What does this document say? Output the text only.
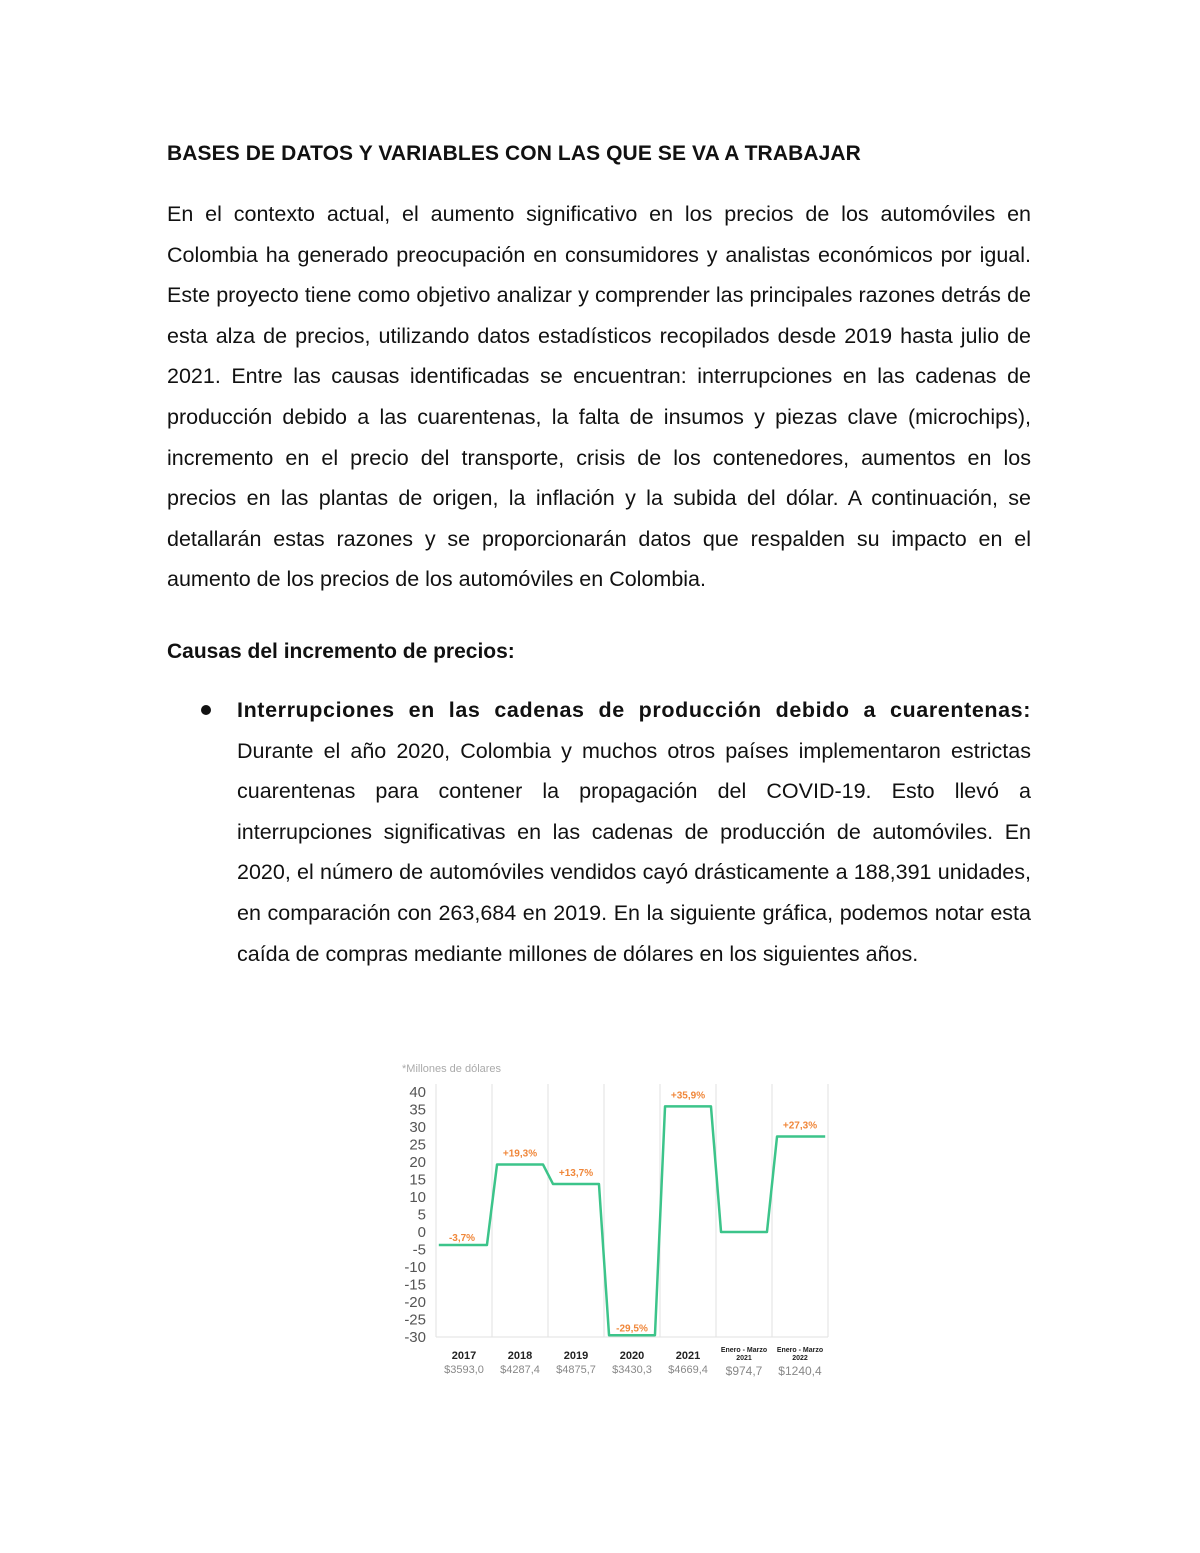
BASES DE DATOS Y VARIABLES CON LAS QUE SE VA A TRABAJAR

En el contexto actual, el aumento significativo en los precios de los automóviles en Colombia ha generado preocupación en consumidores y analistas económicos por igual. Este proyecto tiene como objetivo analizar y comprender las principales razones detrás de esta alza de precios, utilizando datos estadísticos recopilados desde 2019 hasta julio de 2021. Entre las causas identificadas se encuentran: interrupciones en las cadenas de producción debido a las cuarentenas, la falta de insumos y piezas clave (microchips), incremento en el precio del transporte, crisis de los contenedores, aumentos en los precios en las plantas de origen, la inflación y la subida del dólar. A continuación, se detallarán estas razones y se proporcionarán datos que respalden su impacto en el aumento de los precios de los automóviles en Colombia.

Causas del incremento de precios:
Interrupciones en las cadenas de producción debido a cuarentenas: Durante el año 2020, Colombia y muchos otros países implementaron estrictas cuarentenas para contener la propagación del COVID-19. Esto llevó a interrupciones significativas en las cadenas de producción de automóviles. En 2020, el número de automóviles vendidos cayó drásticamente a 188,391 unidades, en comparación con 263,684 en 2019. En la siguiente gráfica, podemos notar esta caída de compras mediante millones de dólares en los siguientes años.
*Millones de dólares
40
35
30
25
20
15
10
5
0
-5
-10
-15
-20
-25
-30
2017
$3593,0
2018
$4287,4
2019
$4875,7
2020
$3430,3
2021
$4669,4
Enero - Marzo
2021
$974,7
Enero - Marzo
2022
$1240,4
-3,7%
+19,3%
+13,7%
-29,5%
+35,9%
+27,3%
